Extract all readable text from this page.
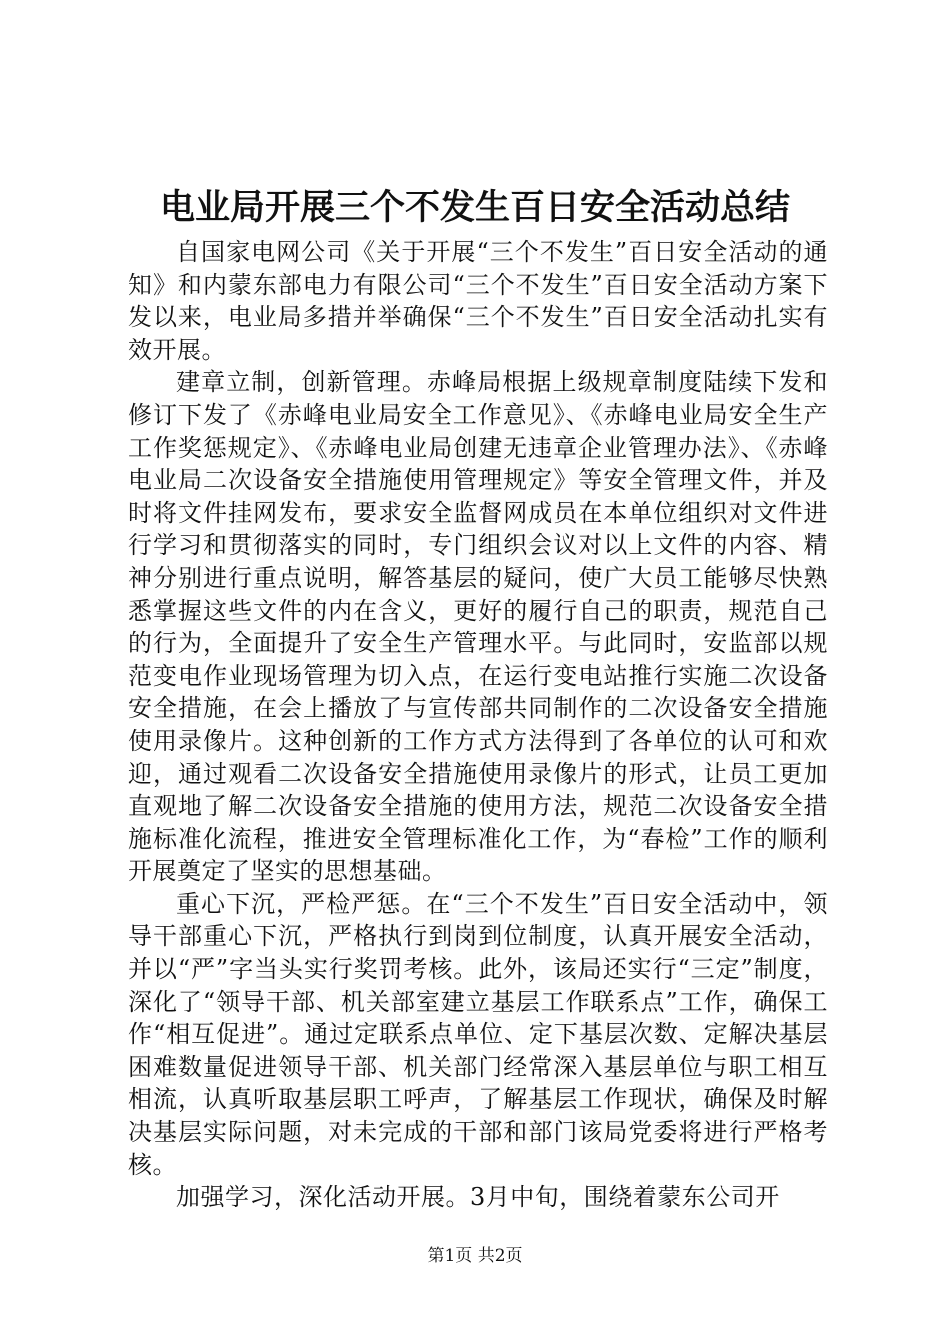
电业局开展三个不发生百日安全活动总结

自国家电网公司《关于开展“三个不发生”百日安全活动的通知》和内蒙东部电力有限公司“三个不发生”百日安全活动方案下发以来，电业局多措并举确保“三个不发生”百日安全活动扎实有效开展。

建章立制，创新管理。赤峰局根据上级规章制度陆续下发和修订下发了《赤峰电业局安全工作意见》、《赤峰电业局安全生产工作奖惩规定》、《赤峰电业局创建无违章企业管理办法》、《赤峰电业局二次设备安全措施使用管理规定》等安全管理文件，并及时将文件挂网发布，要求安全监督网成员在本单位组织对文件进行学习和贯彻落实的同时，专门组织会议对以上文件的内容、精神分别进行重点说明，解答基层的疑问，使广大员工能够尽快熟悉掌握这些文件的内在含义，更好的履行自己的职责，规范自己的行为，全面提升了安全生产管理水平。与此同时，安监部以规范变电作业现场管理为切入点，在运行变电站推行实施二次设备安全措施，在会上播放了与宣传部共同制作的二次设备安全措施使用录像片。这种创新的工作方式方法得到了各单位的认可和欢迎，通过观看二次设备安全措施使用录像片的形式，让员工更加直观地了解二次设备安全措施的使用方法，规范二次设备安全措施标准化流程，推进安全管理标准化工作，为“春检”工作的顺利开展奠定了坚实的思想基础。

重心下沉，严检严惩。在“三个不发生”百日安全活动中，领导干部重心下沉，严格执行到岗到位制度，认真开展安全活动，并以“严”字当头实行奖罚考核。此外，该局还实行“三定”制度，深化了“领导干部、机关部室建立基层工作联系点”工作，确保工作“相互促进”。通过定联系点单位、定下基层次数、定解决基层困难数量促进领导干部、机关部门经常深入基层单位与职工相互相流，认真听取基层职工呼声，了解基层工作现状，确保及时解决基层实际问题，对未完成的干部和部门该局党委将进行严格考核。

加强学习，深化活动开展。3月中旬，围绕着蒙东公司开

第1页 共2页
